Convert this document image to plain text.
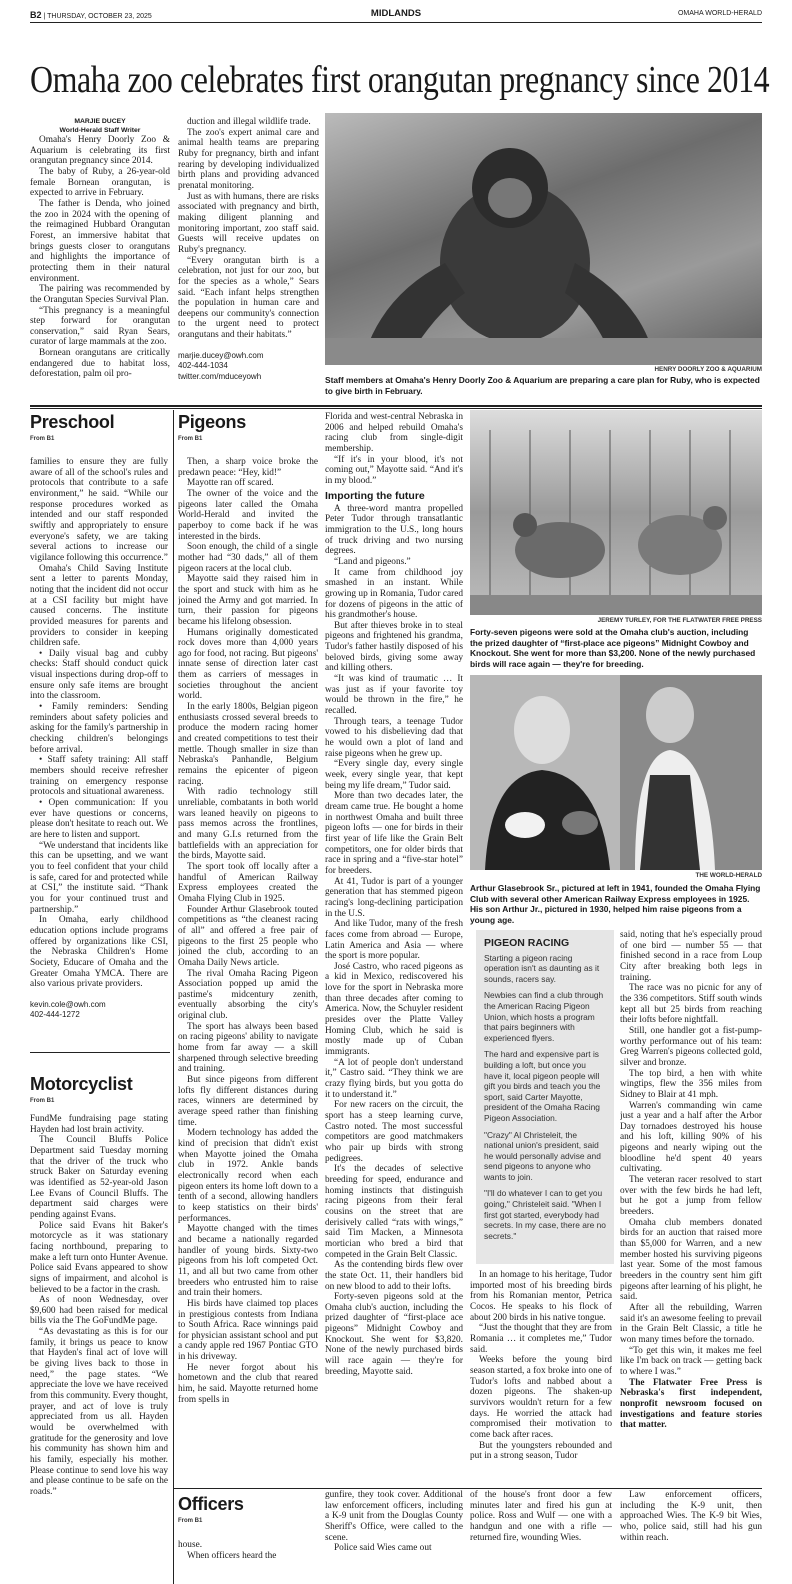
B2 | THURSDAY, OCTOBER 23, 2025	MIDLANDS	OMAHA WORLD-HERALD
Omaha zoo celebrates first orangutan pregnancy since 2014
MARJIE DUCEY
World-Herald Staff Writer

Omaha's Henry Doorly Zoo & Aquarium is celebrating its first orangutan pregnancy since 2014.

The baby of Ruby, a 26-year-old female Bornean orangutan, is expected to arrive in February.

The father is Denda, who joined the zoo in 2024 with the opening of the reimagined Hubbard Orangutan Forest, an immersive habitat that brings guests closer to orangutans and highlights the importance of protecting them in their natural environment.

The pairing was recommended by the Orangutan Species Survival Plan.

“This pregnancy is a meaningful step forward for orangutan conservation,” said Ryan Sears, curator of large mammals at the zoo.

Bornean orangutans are critically endangered due to habitat loss, deforestation, palm oil pro-

duction and illegal wildlife trade.

The zoo's expert animal care and animal health teams are preparing Ruby for pregnancy, birth and infant rearing by developing individualized birth plans and providing advanced prenatal monitoring.

Just as with humans, there are risks associated with pregnancy and birth, making diligent planning and monitoring important, zoo staff said. Guests will receive updates on Ruby's pregnancy.

“Every orangutan birth is a celebration, not just for our zoo, but for the species as a whole,” Sears said. “Each infant helps strengthen the population in human care and deepens our community's connection to the urgent need to protect orangutans and their habitats.”

marjie.ducey@owh.com
402-444-1034
twitter.com/mduceyowh
HENRY DOORLY ZOO & AQUARIUM
Staff members at Omaha's Henry Doorly Zoo & Aquarium are preparing a care plan for Ruby, who is expected to give birth in February.
Preschool
From B1

families to ensure they are fully aware of all of the school's rules and protocols that contribute to a safe environment,” he said. “While our response procedures worked as intended and our staff responded swiftly and appropriately to ensure everyone's safety, we are taking several actions to increase our vigilance following this occurrence.”

Omaha's Child Saving Institute sent a letter to parents Monday, noting that the incident did not occur at a CSI facility but might have caused concerns. The institute provided measures for parents and providers to consider in keeping children safe.

• Daily visual bag and cubby checks: Staff should conduct quick visual inspections during drop-off to ensure only safe items are brought into the classroom.

• Family reminders: Sending reminders about safety policies and asking for the family's partnership in checking children's belongings before arrival.

• Staff safety training: All staff members should receive refresher training on emergency response protocols and situational awareness.

• Open communication: If you ever have questions or concerns, please don't hesitate to reach out. We are here to listen and support.

“We understand that incidents like this can be upsetting, and we want you to feel confident that your child is safe, cared for and protected while at CSI,” the institute said. “Thank you for your continued trust and partnership.”

In Omaha, early childhood education options include programs offered by organizations like CSI, the Nebraska Children's Home Society, Educare of Omaha and the Greater Omaha YMCA. There are also various private providers.

kevin.cole@owh.com
402-444-1272
Motorcyclist
From B1

FundMe fundraising page stating Hayden had lost brain activity.

The Council Bluffs Police Department said Tuesday morning that the driver of the truck who struck Baker on Saturday evening was identified as 52-year-old Jason Lee Evans of Council Bluffs. The department said charges were pending against Evans.

Police said Evans hit Baker's motorcycle as it was stationary facing northbound, preparing to make a left turn onto Hunter Avenue. Police said Evans appeared to show signs of impairment, and alcohol is believed to be a factor in the crash.

As of noon Wednesday, over $9,600 had been raised for medical bills via the The GoFundMe page.

“As devastating as this is for our family, it brings us peace to know that Hayden's final act of love will be giving lives back to those in need,” the page states. “We appreciate the love we have received from this community. Every thought, prayer, and act of love is truly appreciated from us all. Hayden would be overwhelmed with gratitude for the generosity and love his community has shown him and his family, especially his mother. Please continue to send love his way and please continue to be safe on the roads.”

Pigeons
From B1

Then, a sharp voice broke the predawn peace: “Hey, kid!”

Mayotte ran off scared.

The owner of the voice and the pigeons later called the Omaha World-Herald and invited the paperboy to come back if he was interested in the birds.

Soon enough, the child of a single mother had “30 dads,” all of them pigeon racers at the local club.

Mayotte said they raised him in the sport and stuck with him as he joined the Army and got married. In turn, their passion for pigeons became his lifelong obsession.

Humans originally domesticated rock doves more than 4,000 years ago for food, not racing. But pigeons' innate sense of direction later cast them as carriers of messages in societies throughout the ancient world.

In the early 1800s, Belgian pigeon enthusiasts crossed several breeds to produce the modern racing homer and created competitions to test their mettle. Though smaller in size than Nebraska's Panhandle, Belgium remains the epicenter of pigeon racing.

With radio technology still unreliable, combatants in both world wars leaned heavily on pigeons to pass memos across the frontlines, and many G.I.s returned from the battlefields with an appreciation for the birds, Mayotte said.

The sport took off locally after a handful of American Railway Express employees created the Omaha Flying Club in 1925.

Founder Arthur Glasebrook touted competitions as “the cleanest racing of all” and offered a free pair of pigeons to the first 25 people who joined the club, according to an Omaha Daily News article.

The rival Omaha Racing Pigeon Association popped up amid the pastime's midcentury zenith, eventually absorbing the city's original club.

The sport has always been based on racing pigeons' ability to navigate home from far away — a skill sharpened through selective breeding and training.

But since pigeons from different lofts fly different distances during races, winners are determined by average speed rather than finishing time.

Modern technology has added the kind of precision that didn't exist when Mayotte joined the Omaha club in 1972. Ankle bands electronically record when each pigeon enters its home loft down to a tenth of a second, allowing handlers to keep statistics on their birds' performances.

Mayotte changed with the times and became a nationally regarded handler of young birds. Sixty-two pigeons from his loft competed Oct. 11, and all but two came from other breeders who entrusted him to raise and train their homers.

His birds have claimed top places in prestigious contests from Indiana to South Africa. Race winnings paid for physician assistant school and put a candy apple red 1967 Pontiac GTO in his driveway.

He never forgot about his hometown and the club that reared him, he said. Mayotte returned home from spells in

Florida and west-central Nebraska in 2006 and helped rebuild Omaha's racing club from single-digit membership.

“If it's in your blood, it's not coming out,” Mayotte said. “And it's in my blood.”

Importing the future

A three-word mantra propelled Peter Tudor through transatlantic immigration to the U.S., long hours of truck driving and two nursing degrees.

“Land and pigeons.”

It came from childhood joy smashed in an instant. While growing up in Romania, Tudor cared for dozens of pigeons in the attic of his grandmother's house.

But after thieves broke in to steal pigeons and frightened his grandma, Tudor's father hastily disposed of his beloved birds, giving some away and killing others.

“It was kind of traumatic … It was just as if your favorite toy would be thrown in the fire,” he recalled.

Through tears, a teenage Tudor vowed to his disbelieving dad that he would own a plot of land and raise pigeons when he grew up.

“Every single day, every single week, every single year, that kept being my life dream,” Tudor said.

More than two decades later, the dream came true. He bought a home in northwest Omaha and built three pigeon lofts — one for birds in their first year of life like the Grain Belt competitors, one for older birds that race in spring and a “five-star hotel” for breeders.

At 41, Tudor is part of a younger generation that has stemmed pigeon racing's long-declining participation in the U.S.

And like Tudor, many of the fresh faces come from abroad — Europe, Latin America and Asia — where the sport is more popular.

José Castro, who raced pigeons as a kid in Mexico, rediscovered his love for the sport in Nebraska more than three decades after coming to America. Now, the Schuyler resident presides over the Platte Valley Homing Club, which he said is mostly made up of Cuban immigrants.

“A lot of people don't understand it,” Castro said. “They think we are crazy flying birds, but you gotta do it to understand it.”

For new racers on the circuit, the sport has a steep learning curve, Castro noted. The most successful competitors are good matchmakers who pair up birds with strong pedigrees.

It's the decades of selective breeding for speed, endurance and homing instincts that distinguish racing pigeons from their feral cousins on the street that are derisively called “rats with wings,” said Tim Macken, a Minnesota mortician who bred a bird that competed in the Grain Belt Classic.

As the contending birds flew over the state Oct. 11, their handlers bid on new blood to add to their lofts.

Forty-seven pigeons sold at the Omaha club's auction, including the prized daughter of “first-place ace pigeons” Midnight Cowboy and Knockout. She went for $3,820. None of the newly purchased birds will race again — they're for breeding, Mayotte said.

JEREMY TURLEY, FOR THE FLATWATER FREE PRESS
Forty-seven pigeons were sold at the Omaha club's auction, including the prized daughter of “first-place ace pigeons” Midnight Cowboy and Knockout. She went for more than $3,200. None of the newly purchased birds will race again — they're for breeding.
THE WORLD-HERALD
Arthur Glasebrook Sr., pictured at left in 1941, founded the Omaha Flying Club with several other American Railway Express employees in 1925. His son Arthur Jr., pictured in 1930, helped him raise pigeons from a young age.
PIGEON RACING

Starting a pigeon racing operation isn't as daunting as it sounds, racers say.

Newbies can find a club through the American Racing Pigeon Union, which hosts a program that pairs beginners with experienced flyers.

The hard and expensive part is building a loft, but once you have it, local pigeon people will gift you birds and teach you the sport, said Carter Mayotte, president of the Omaha Racing Pigeon Association.

"Crazy" Al Christeleit, the national union's president, said he would personally advise and send pigeons to anyone who wants to join.

"I'll do whatever I can to get you going," Christeleit said. "When I first got started, everybody had secrets. In my case, there are no secrets."

In an homage to his heritage, Tudor imported most of his breeding birds from his Romanian mentor, Petrica Cocos. He speaks to his flock of about 200 birds in his native tongue.

“Just the thought that they are from Romania … it completes me,” Tudor said.

Weeks before the young bird season started, a fox broke into one of Tudor's lofts and nabbed about a dozen pigeons. The shaken-up survivors wouldn't return for a few days. He worried the attack had compromised their motivation to come back after races.

But the youngsters rebounded and put in a strong season, Tudor

said, noting that he's especially proud of one bird — number 55 — that finished second in a race from Loup City after breaking both legs in training.

The race was no picnic for any of the 336 competitors. Stiff south winds kept all but 25 birds from reaching their lofts before nightfall.

Still, one handler got a fist-pump-worthy performance out of his team: Greg Warren's pigeons collected gold, silver and bronze.

The top bird, a hen with white wingtips, flew the 356 miles from Sidney to Blair at 41 mph.

Warren's commanding win came just a year and a half after the Arbor Day tornadoes destroyed his house and his loft, killing 90% of his pigeons and nearly wiping out the bloodline he'd spent 40 years cultivating.

The veteran racer resolved to start over with the few birds he had left, but he got a jump from fellow breeders.

Omaha club members donated birds for an auction that raised more than $5,000 for Warren, and a new member hosted his surviving pigeons last year. Some of the most famous breeders in the country sent him gift pigeons after learning of his plight, he said.

After all the rebuilding, Warren said it's an awesome feeling to prevail in the Grain Belt Classic, a title he won many times before the tornado.

“To get this win, it makes me feel like I'm back on track — getting back to where I was.”

The Flatwater Free Press is Nebraska's first independent, nonprofit newsroom focused on investigations and feature stories that matter.

Officers
From B1

house.

When officers heard the

gunfire, they took cover. Additional law enforcement officers, including a K-9 unit from the Douglas County Sheriff's Office, were called to the scene.

Police said Wies came out

of the house's front door a few minutes later and fired his gun at police. Ross and Wulf — one with a handgun and one with a rifle — returned fire, wounding Wies.

Law enforcement officers, including the K-9 unit, then approached Wies. The K-9 bit Wies, who, police said, still had his gun within reach.
